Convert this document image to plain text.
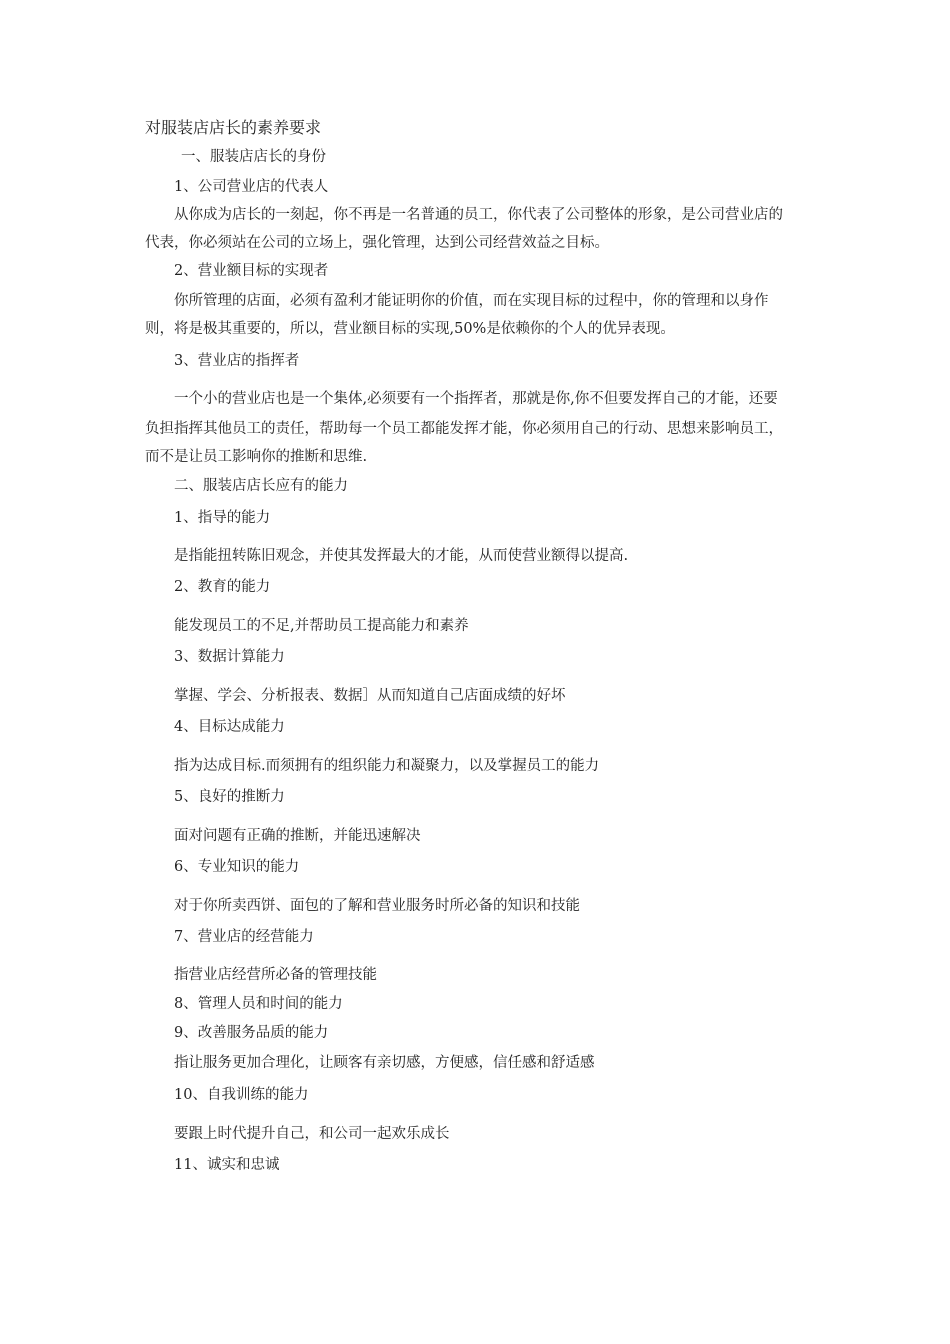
对服装店店长的素养要求

一、服装店店长的身份

1、公司营业店的代表人

从你成为店长的一刻起，你不再是一名普通的员工，你代表了公司整体的形象，是公司营业店的

代表，你必须站在公司的立场上，强化管理，达到公司经营效益之目标。

2、营业额目标的实现者

你所管理的店面，必须有盈利才能证明你的价值，而在实现目标的过程中，你的管理和以身作

则，将是极其重要的，所以，营业额目标的实现,50%是依赖你的个人的优异表现。

3、营业店的指挥者

一个小的营业店也是一个集体,必须要有一个指挥者，那就是你,你不但要发挥自己的才能，还要

负担指挥其他员工的责任，帮助每一个员工都能发挥才能，你必须用自己的行动、思想来影响员工，

而不是让员工影响你的推断和思维.

二、服装店店长应有的能力

1、指导的能力

是指能扭转陈旧观念，并使其发挥最大的才能，从而使营业额得以提高.

2、教育的能力

能发现员工的不足,并帮助员工提高能力和素养

3、数据计算能力

掌握、学会、分析报表、数据］从而知道自己店面成绩的好坏

4、目标达成能力

指为达成目标.而须拥有的组织能力和凝聚力，以及掌握员工的能力

5、良好的推断力

面对问题有正确的推断，并能迅速解决

6、专业知识的能力

对于你所卖西饼、面包的了解和营业服务时所必备的知识和技能

7、营业店的经营能力

指营业店经营所必备的管理技能

8、管理人员和时间的能力

9、改善服务品质的能力

指让服务更加合理化，让顾客有亲切感，方便感，信任感和舒适感

10、自我训练的能力

要跟上时代提升自己，和公司一起欢乐成长

11、诚实和忠诚
